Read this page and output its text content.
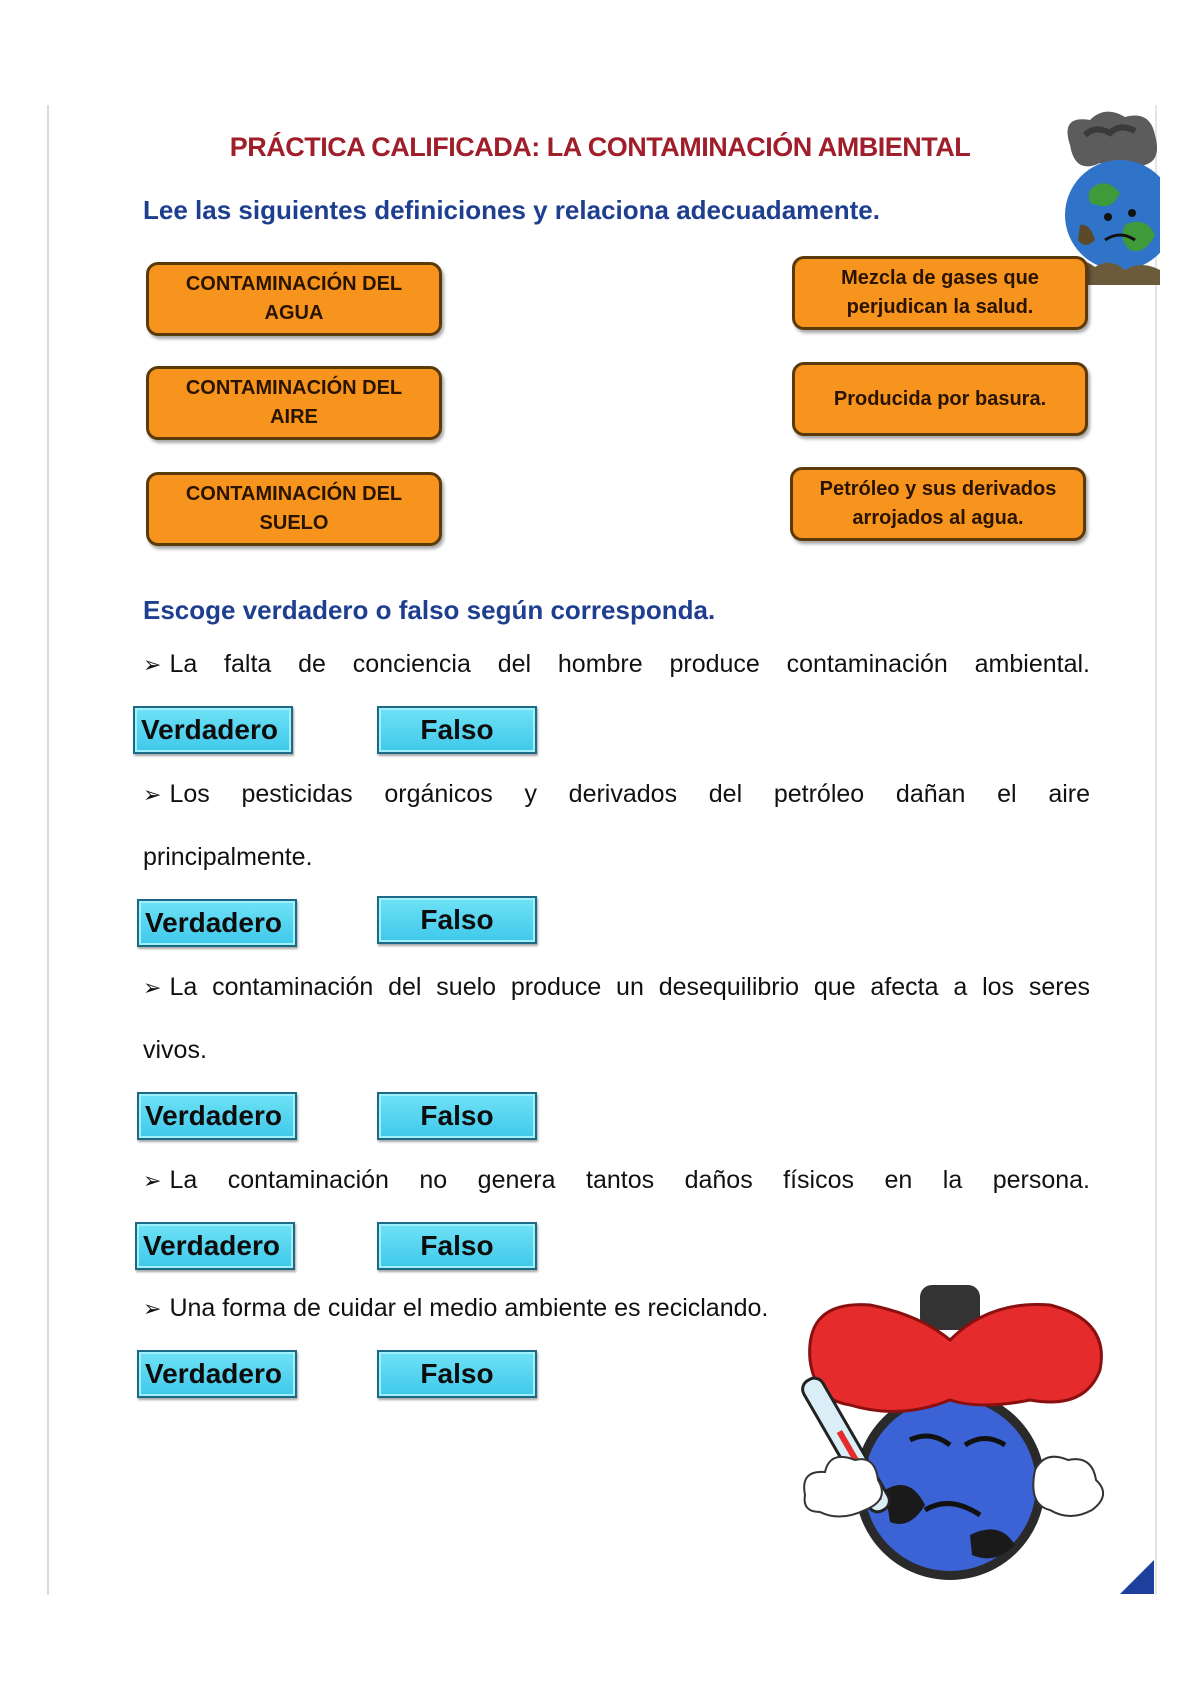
PRÁCTICA CALIFICADA: LA CONTAMINACIÓN AMBIENTAL
Lee las siguientes definiciones y relaciona adecuadamente.
CONTAMINACIÓN DEL
AGUA
CONTAMINACIÓN DEL
AIRE
CONTAMINACIÓN DEL
SUELO
Mezcla de gases que
perjudican la salud.
Producida por basura.
Petróleo y sus derivados
arrojados al agua.
Escoge verdadero o falso según corresponda.
➢ La falta de conciencia del hombre produce contaminación ambiental.
Verdadero	Falso
➢ Los pesticidas orgánicos y derivados del petróleo dañan el aire
principalmente.
Verdadero	Falso
➢ La contaminación del suelo produce un desequilibrio que afecta a los seres
vivos.
Verdadero	Falso
➢ La contaminación no genera tantos daños físicos en la persona.
Verdadero	Falso
➢ Una forma de cuidar el medio ambiente es reciclando.
Verdadero	Falso
